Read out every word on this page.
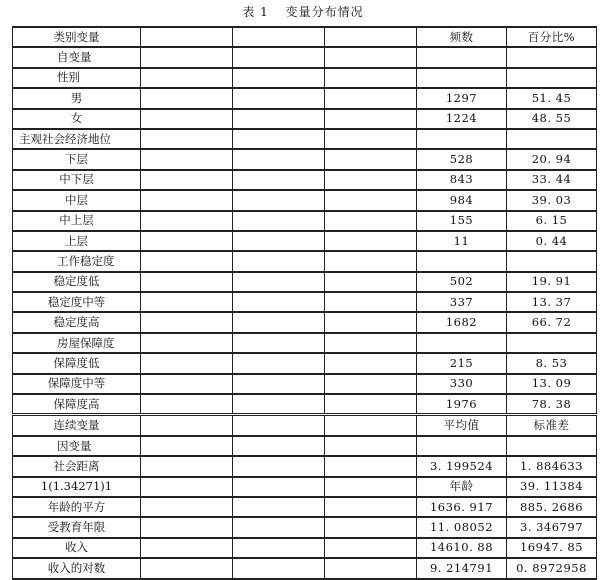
表 1 变量分布情况
类别变量				频数	百分比%
自变量					
性别					
男				1297	51. 45
女				1224	48. 55
主观社会经济地位					
下层				528	20. 94
中下层				843	33. 44
中层				984	39. 03
中上层				155	6. 15
上层				11	0. 44
工作稳定度					
稳定度低				502	19. 91
稳定度中等				337	13. 37
稳定度高				1682	66. 72
房屋保障度					
保障度低				215	8. 53
保障度中等				330	13. 09
保障度高				1976	78. 38
连续变量				平均值	标准差
因变量					
社会距离				3. 199524	1. 884633
1(1.34271)1				年龄	39. 11384
年龄的平方				1636. 917	885. 2686
受教育年限				11. 08052	3. 346797
收入				14610. 88	16947. 85
收入的对数				9. 214791	0. 8972958
